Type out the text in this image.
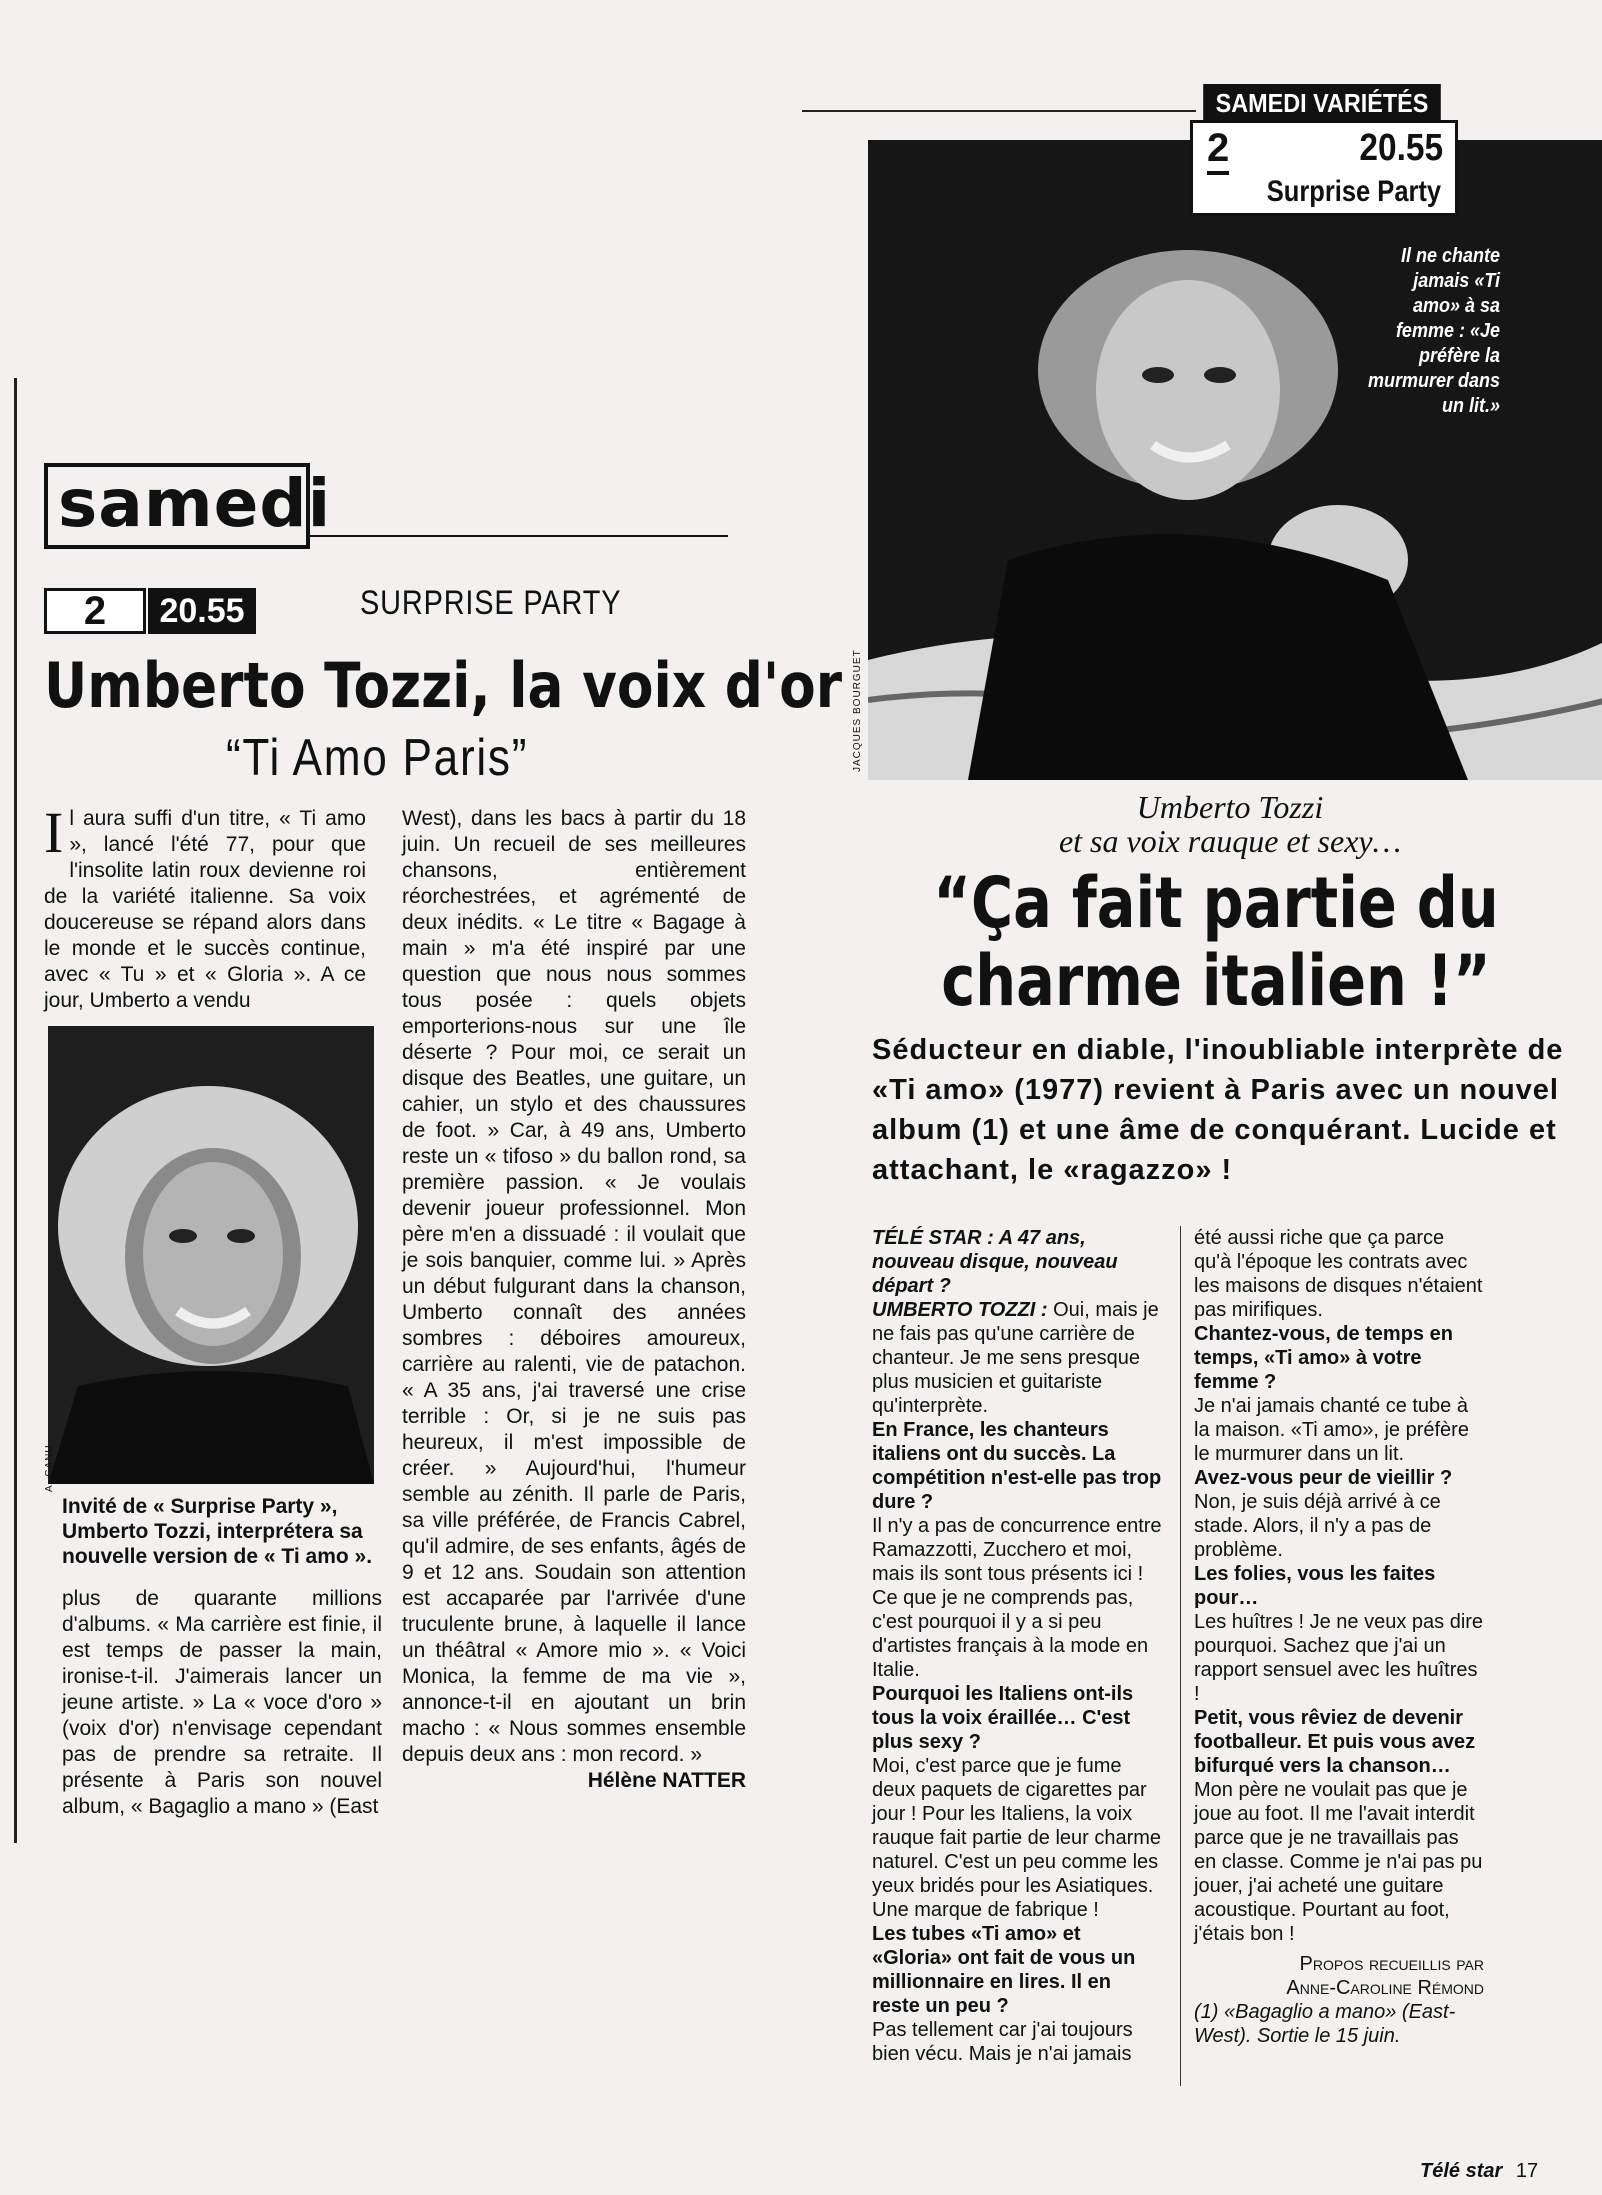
samedi
2	20.55	SURPRISE PARTY
Umberto Tozzi, la voix d'or
“Ti Amo Paris”
I l aura suffi d'un titre, « Ti amo », lancé l'été 77, pour que l'insolite latin roux devienne roi de la variété italienne. Sa voix doucereuse se répand alors dans le monde et le succès continue, avec « Tu » et « Gloria ». A ce jour, Umberto a vendu

A. CANU
Invité de « Surprise Party », Umberto Tozzi, interprétera sa nouvelle version de « Ti amo ».

plus de quarante millions d'albums. « Ma carrière est finie, il est temps de passer la main, ironise-t-il. J'aimerais lancer un jeune artiste. » La « voce d'oro » (voix d'or) n'envisage cependant pas de prendre sa retraite. Il présente à Paris son nouvel album, « Bagaglio a mano » (East

West), dans les bacs à partir du 18 juin. Un recueil de ses meilleures chansons, entièrement réorchestrées, et agrémenté de deux inédits. « Le titre « Bagage à main » m'a été inspiré par une question que nous nous sommes tous posée : quels objets emporterions-nous sur une île déserte ? Pour moi, ce serait un disque des Beatles, une guitare, un cahier, un stylo et des chaussures de foot. » Car, à 49 ans, Umberto reste un « tifoso » du ballon rond, sa première passion. « Je voulais devenir joueur professionnel. Mon père m'en a dissuadé : il voulait que je sois banquier, comme lui. » Après un début fulgurant dans la chanson, Umberto connaît des années sombres : déboires amoureux, carrière au ralenti, vie de patachon. « A 35 ans, j'ai traversé une crise terrible : Or, si je ne suis pas heureux, il m'est impossible de créer. » Aujourd'hui, l'humeur semble au zénith. Il parle de Paris, sa ville préférée, de Francis Cabrel, qu'il admire, de ses enfants, âgés de 9 et 12 ans. Soudain son attention est accaparée par l'arrivée d'une truculente brune, à laquelle il lance un théâtral « Amore mio ». « Voici Monica, la femme de ma vie », annonce-t-il en ajoutant un brin macho : « Nous sommes ensemble depuis deux ans : mon record. »

Hélène NATTER

SAMEDI VARIÉTÉS
2	20.55
Surprise Party
Il ne chante jamais «Ti amo» à sa femme : «Je préfère la murmurer dans un lit.»
JACQUES BOURGUET
Umberto Tozzi
et sa voix rauque et sexy…
“Ça fait partie du
charme italien !”
Séducteur en diable, l'inoubliable interprète de «Ti amo» (1977) revient à Paris avec un nouvel album (1) et une âme de conquérant. Lucide et attachant, le «ragazzo» !

TÉLÉ STAR : A 47 ans, nouveau disque, nouveau départ ?

UMBERTO TOZZI : Oui, mais je ne fais pas qu'une carrière de chanteur. Je me sens presque plus musicien et guitariste qu'interprète.

En France, les chanteurs italiens ont du succès. La compétition n'est-elle pas trop dure ?

Il n'y a pas de concurrence entre Ramazzotti, Zucchero et moi, mais ils sont tous présents ici ! Ce que je ne comprends pas, c'est pourquoi il y a si peu d'artistes français à la mode en Italie.

Pourquoi les Italiens ont-ils tous la voix éraillée… C'est plus sexy ?

Moi, c'est parce que je fume deux paquets de cigarettes par jour ! Pour les Italiens, la voix rauque fait partie de leur charme naturel. C'est un peu comme les yeux bridés pour les Asiatiques. Une marque de fabrique !

Les tubes «Ti amo» et «Gloria» ont fait de vous un millionnaire en lires. Il en reste un peu ?

Pas tellement car j'ai toujours bien vécu. Mais je n'ai jamais

été aussi riche que ça parce qu'à l'époque les contrats avec les maisons de disques n'étaient pas mirifiques.

Chantez-vous, de temps en temps, «Ti amo» à votre femme ?

Je n'ai jamais chanté ce tube à la maison. «Ti amo», je préfère le murmurer dans un lit.

Avez-vous peur de vieillir ?

Non, je suis déjà arrivé à ce stade. Alors, il n'y a pas de problème.

Les folies, vous les faites pour…

Les huîtres ! Je ne veux pas dire pourquoi. Sachez que j'ai un rapport sensuel avec les huîtres !

Petit, vous rêviez de devenir footballeur. Et puis vous avez bifurqué vers la chanson…

Mon père ne voulait pas que je joue au foot. Il me l'avait interdit parce que je ne travaillais pas en classe. Comme je n'ai pas pu jouer, j'ai acheté une guitare acoustique. Pourtant au foot, j'étais bon !

Propos recueillis par

Anne-Caroline Rémond

(1) «Bagaglio a mano» (East-West). Sortie le 15 juin.

Télé star 17
